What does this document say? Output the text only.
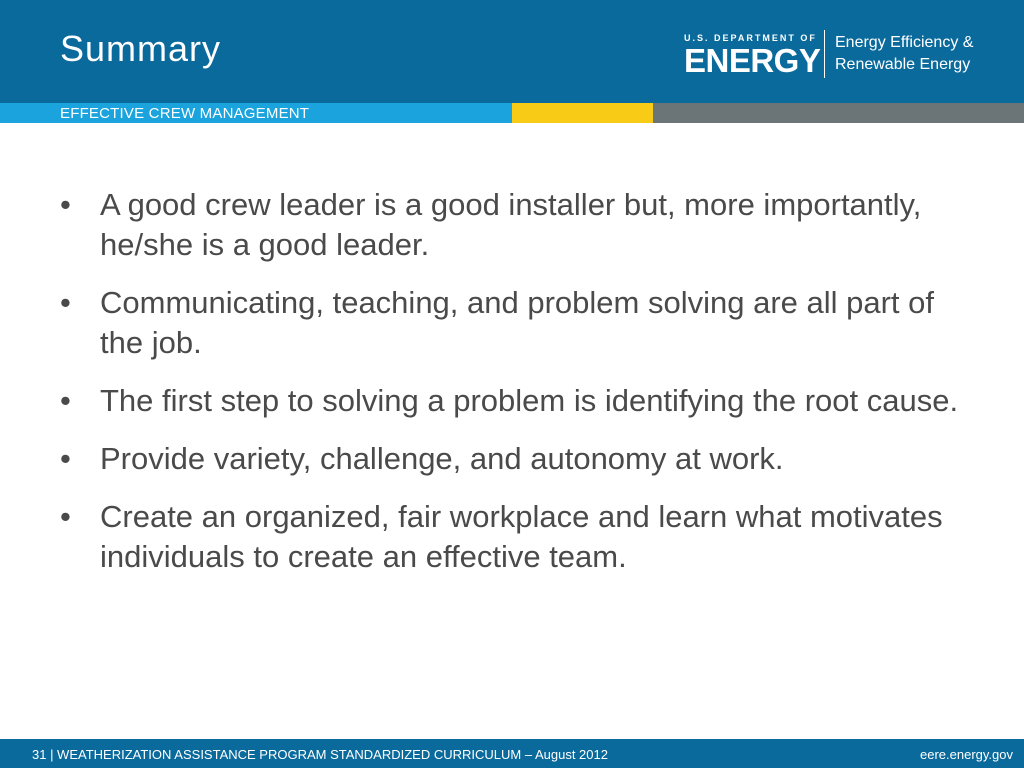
Summary	U.S. DEPARTMENT OF
ENERGY Energy Efficiency &
Renewable Energy
EFFECTIVE CREW MANAGEMENT
• A good crew leader is a good installer but, more importantly, he/she is a good leader.
• Communicating, teaching, and problem solving are all part of the job.
• The first step to solving a problem is identifying the root cause.
• Provide variety, challenge, and autonomy at work.
• Create an organized, fair workplace and learn what motivates individuals to create an effective team.
31 | WEATHERIZATION ASSISTANCE PROGRAM STANDARDIZED CURRICULUM – August 2012	eere.energy.gov
